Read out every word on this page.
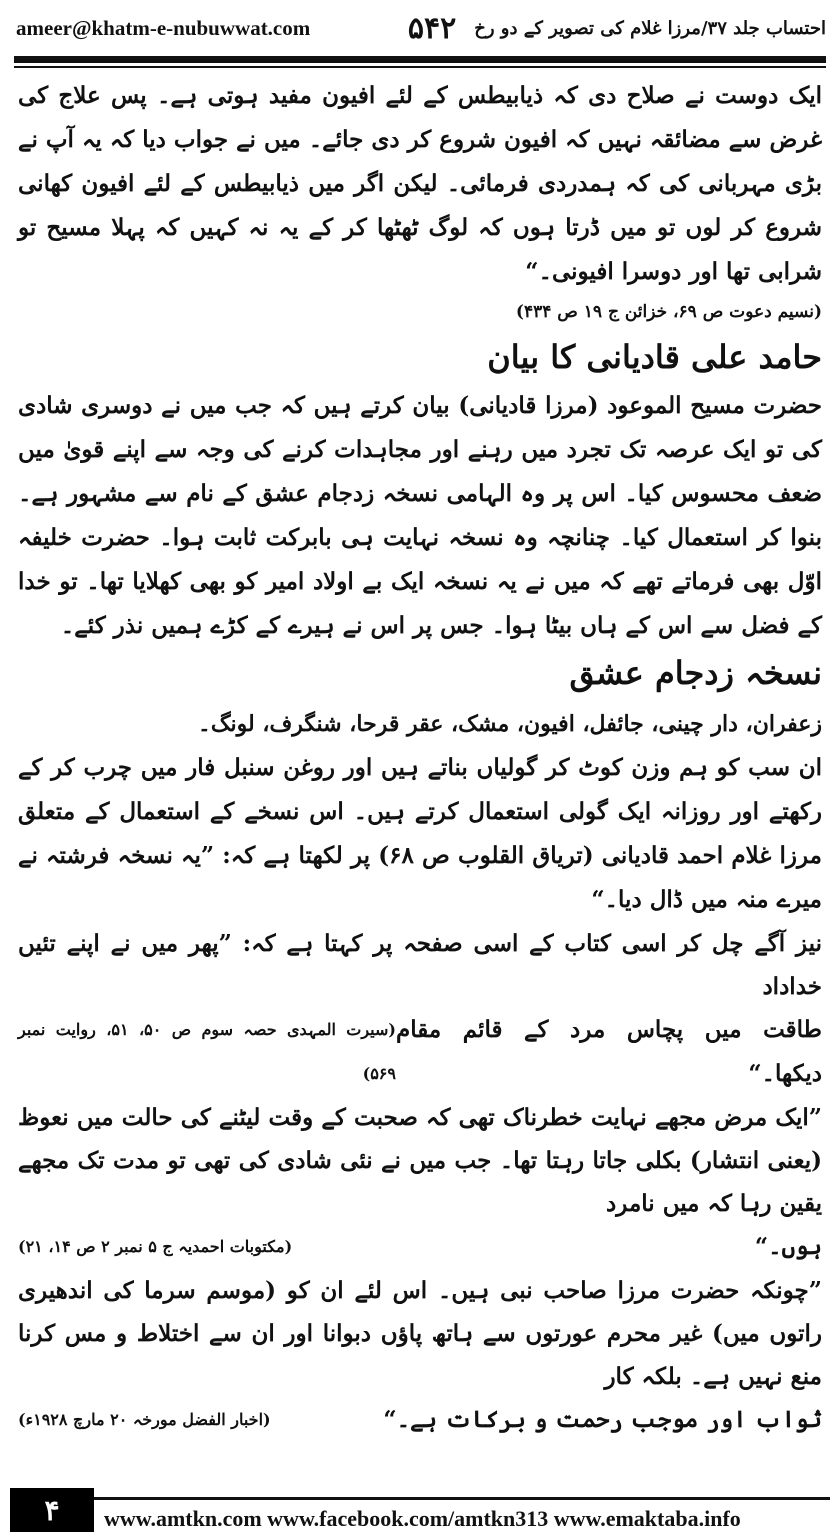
ameer@khatm-e-nubuwwat.com	احتساب جلد ۳۷/مرزا غلام کی تصویر کے دو رخ
۵۴۲

ایک دوست نے صلاح دی کہ ذیابیطس کے لئے افیون مفید ہوتی ہے۔ پس علاج کی غرض سے مضائقہ نہیں کہ افیون شروع کر دی جائے۔ میں نے جواب دیا کہ یہ آپ نے بڑی مہربانی کی کہ ہمدردی فرمائی۔ لیکن اگر میں ذیابیطس کے لئے افیون کھانی شروع کر لوں تو میں ڈرتا ہوں کہ لوگ ٹھٹھا کر کے یہ نہ کہیں کہ پہلا مسیح تو شرابی تھا اور دوسرا افیونی۔“

(نسیم دعوت ص ۶۹، خزائن ج ۱۹ ص ۴۳۴)

حامد علی قادیانی کا بیان

حضرت مسیح الموعود (مرزا قادیانی) بیان کرتے ہیں کہ جب میں نے دوسری شادی کی تو ایک عرصہ تک تجرد میں رہنے اور مجاہدات کرنے کی وجہ سے اپنے قویٰ میں ضعف محسوس کیا۔ اس پر وہ الہامی نسخہ زدجام عشق کے نام سے مشہور ہے۔ بنوا کر استعمال کیا۔ چنانچہ وہ نسخہ نہایت ہی بابرکت ثابت ہوا۔ حضرت خلیفہ اوّل بھی فرماتے تھے کہ میں نے یہ نسخہ ایک بے اولاد امیر کو بھی کھلایا تھا۔ تو خدا کے فضل سے اس کے ہاں بیٹا ہوا۔ جس پر اس نے ہیرے کے کڑے ہمیں نذر کئے۔

نسخہ زدجام عشق

زعفران، دار چینی، جائفل، افیون، مشک، عقر قرحا، شنگرف، لونگ۔

ان سب کو ہم وزن کوٹ کر گولیاں بناتے ہیں اور روغن سنبل فار میں چرب کر کے رکھتے اور روزانہ ایک گولی استعمال کرتے ہیں۔ اس نسخے کے استعمال کے متعلق مرزا غلام احمد قادیانی (تریاق القلوب ص ۶۸) پر لکھتا ہے کہ: ”یہ نسخہ فرشتہ نے میرے منہ میں ڈال دیا۔“

نیز آگے چل کر اسی کتاب کے اسی صفحہ پر کہتا ہے کہ: ”پھر میں نے اپنے تئیں خداداد

طاقت میں پچاس مرد کے قائم مقام دیکھا۔“
(سیرت المہدی حصہ سوم ص ۵۰، ۵۱، روایت نمبر ۵۶۹)

”ایک مرض مجھے نہایت خطرناک تھی کہ صحبت کے وقت لیٹنے کی حالت میں نعوظ (یعنی انتشار) بکلی جاتا رہتا تھا۔ جب میں نے نئی شادی کی تھی تو مدت تک مجھے یقین رہا کہ میں نامرد

ہوں۔“
(مکتوبات احمدیہ ج ۵ نمبر ۲ ص ۱۴، ۲۱)

”چونکہ حضرت مرزا صاحب نبی ہیں۔ اس لئے ان کو (موسم سرما کی اندھیری راتوں میں) غیر محرم عورتوں سے ہاتھ پاؤں دبوانا اور ان سے اختلاط و مس کرنا منع نہیں ہے۔ بلکہ کار

ثواب اور موجب رحمت و برکات ہے۔“
(اخبار الفضل مورخہ ۲۰ مارچ ۱۹۲۸ء)
۴	www.amtkn.com www.facebook.com/amtkn313 www.emaktaba.info
